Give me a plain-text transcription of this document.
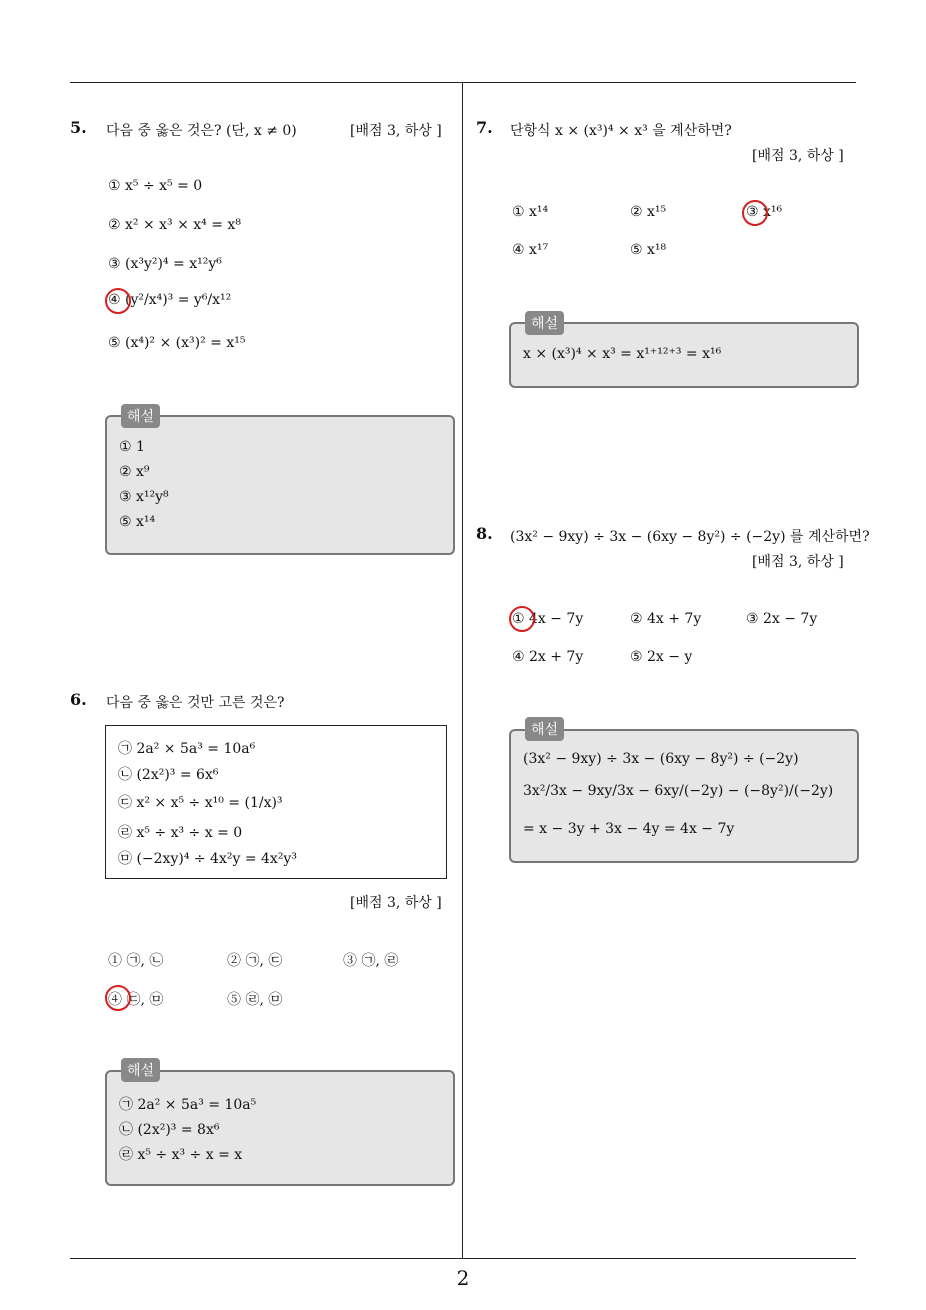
5. 다음 중 옳은 것은? (단, x ≠ 0)	[배점 3, 하상 ]
① x⁵ ÷ x⁵ = 0
② x² × x³ × x⁴ = x⁸
③ (x³y²)⁴ = x¹²y⁶
④ (y²/x⁴)³ = y⁶/x¹²
⑤ (x⁴)² × (x³)² = x¹⁵
① 1
② x⁹
③ x¹²y⁸
⑤ x¹⁴
해설
6. 다음 중 옳은 것만 고른 것은?
㉠ 2a² × 5a³ = 10a⁶
㉡ (2x²)³ = 6x⁶
㉢ x² × x⁵ ÷ x¹⁰ = (1/x)³
㉣ x⁵ ÷ x³ ÷ x = 0
㉤ (−2xy)⁴ ÷ 4x²y = 4x²y³
[배점 3, 하상 ]
① ㉠, ㉡	② ㉠, ㉢	③ ㉠, ㉣
④ ㉢, ㉤	⑤ ㉣, ㉤
㉠ 2a² × 5a³ = 10a⁵
㉡ (2x²)³ = 8x⁶
㉣ x⁵ ÷ x³ ÷ x = x
해설
7. 단항식 x × (x³)⁴ × x³ 을 계산하면?
[배점 3, 하상 ]
① x¹⁴	② x¹⁵	③ x¹⁶
④ x¹⁷	⑤ x¹⁸
x × (x³)⁴ × x³ = x¹⁺¹²⁺³ = x¹⁶
해설
8. (3x² − 9xy) ÷ 3x − (6xy − 8y²) ÷ (−2y) 를 계산하면?
[배점 3, 하상 ]
① 4x − 7y	② 4x + 7y	③ 2x − 7y
④ 2x + 7y	⑤ 2x − y
(3x² − 9xy) ÷ 3x − (6xy − 8y²) ÷ (−2y)
3x²/3x − 9xy/3x − 6xy/(−2y) − (−8y²)/(−2y)
= x − 3y + 3x − 4y = 4x − 7y
해설
2
